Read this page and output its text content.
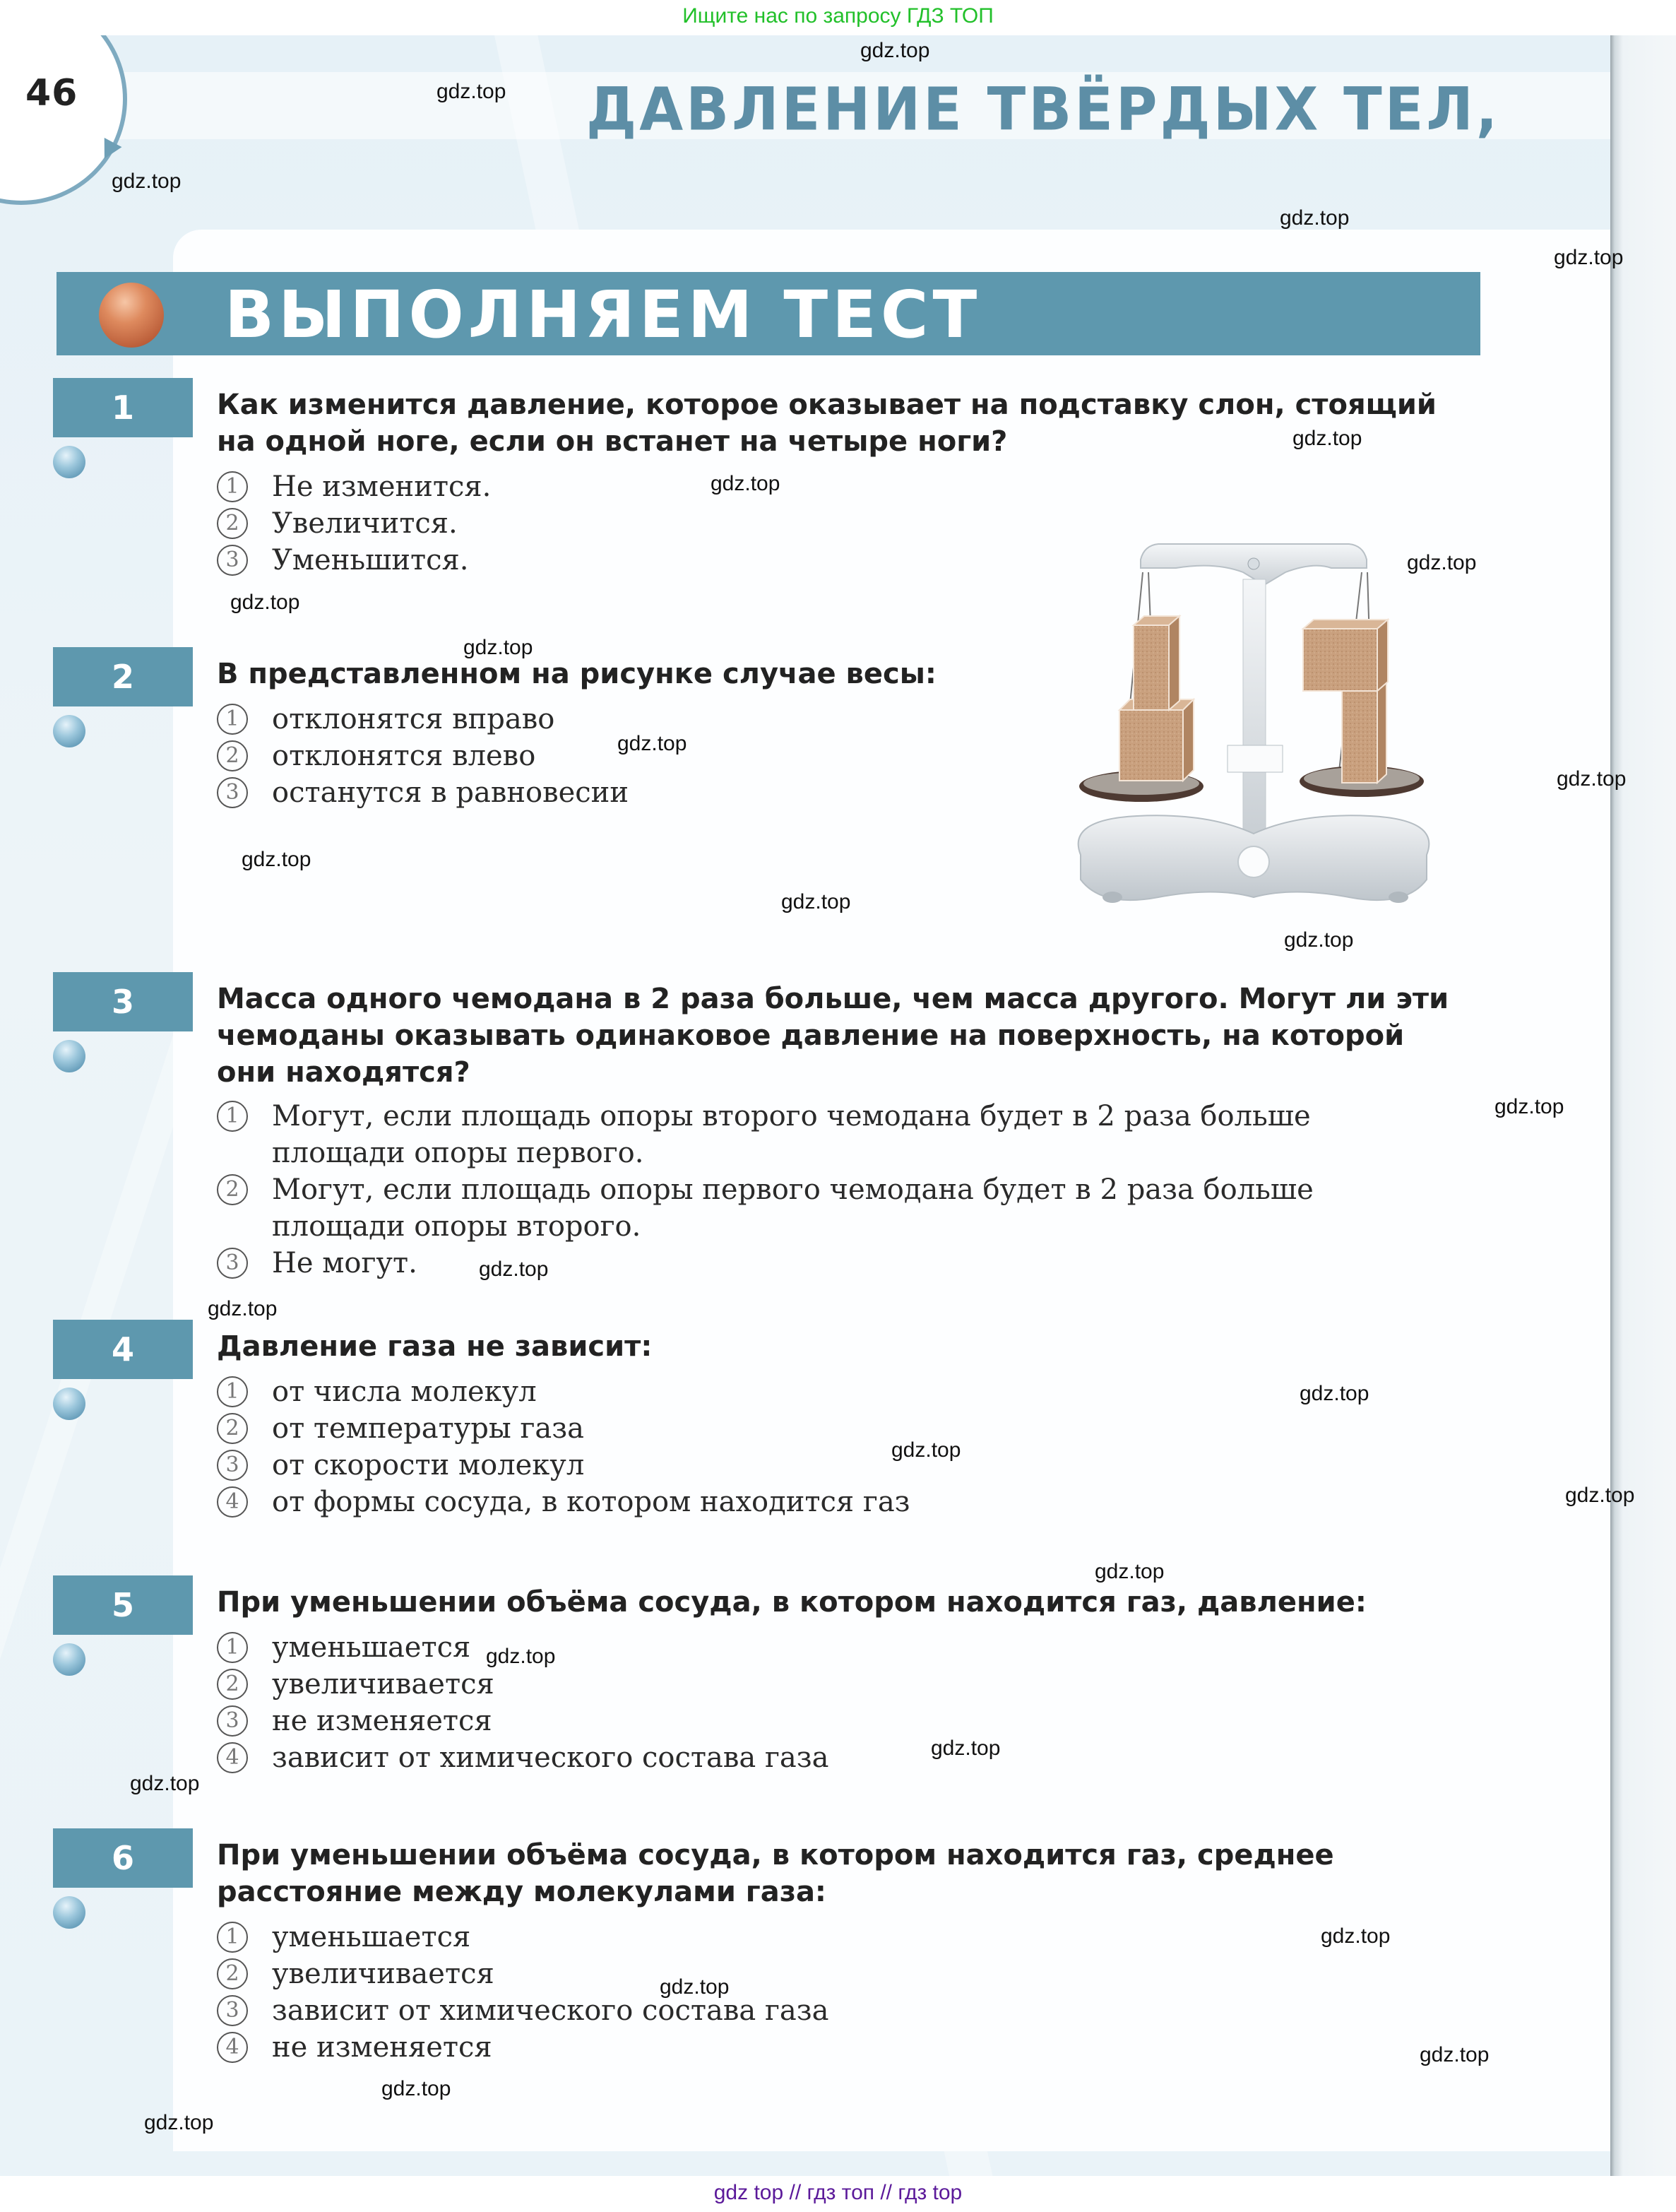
Ищите нас по запросу ГДЗ ТОП
46	ДАВЛЕНИЕ ТВЁРДЫХ ТЕЛ,
ВЫПОЛНЯЕМ ТЕСТ
1	Как изменится давление, которое оказывает на подставку слон, стоящий на одной ноге, если он встанет на четыре ноги?
1	Не изменится.
2	Увеличится.
3	Уменьшится.
2	В представленном на рисунке случае весы:
1	отклонятся вправо
2	отклонятся влево
3	останутся в равновесии
3	Масса одного чемодана в 2 раза больше, чем масса другого. Могут ли эти чемоданы оказывать одинаковое давление на поверхность, на которой они находятся?
1	Могут, если площадь опоры второго чемодана будет в 2 раза больше площади опоры первого.
2	Могут, если площадь опоры первого чемодана будет в 2 раза больше площади опоры второго.
3	Не могут.
4	Давление газа не зависит:
1	от числа молекул
2	от температуры газа
3	от скорости молекул
4	от формы сосуда, в котором находится газ
5	При уменьшении объёма сосуда, в котором находится газ, давление:
1	уменьшается
2	увеличивается
3	не изменяется
4	зависит от химического состава газа
6	При уменьшении объёма сосуда, в котором находится газ, среднее расстояние между молекулами газа:
1	уменьшается
2	увеличивается
3	зависит от химического состава газа
4	не изменяется
gdz.top
gdz.top
gdz.top
gdz.top
gdz.top
gdz.top
gdz.top
gdz.top
gdz.top
gdz.top
gdz.top
gdz.top
gdz.top
gdz.top
gdz.top
gdz.top
gdz.top
gdz.top
gdz.top
gdz.top
gdz.top
gdz.top
gdz.top
gdz.top
gdz.top
gdz.top
gdz.top
gdz.top
gdz.top
gdz.top
gdz top // гдз топ // гдз top
